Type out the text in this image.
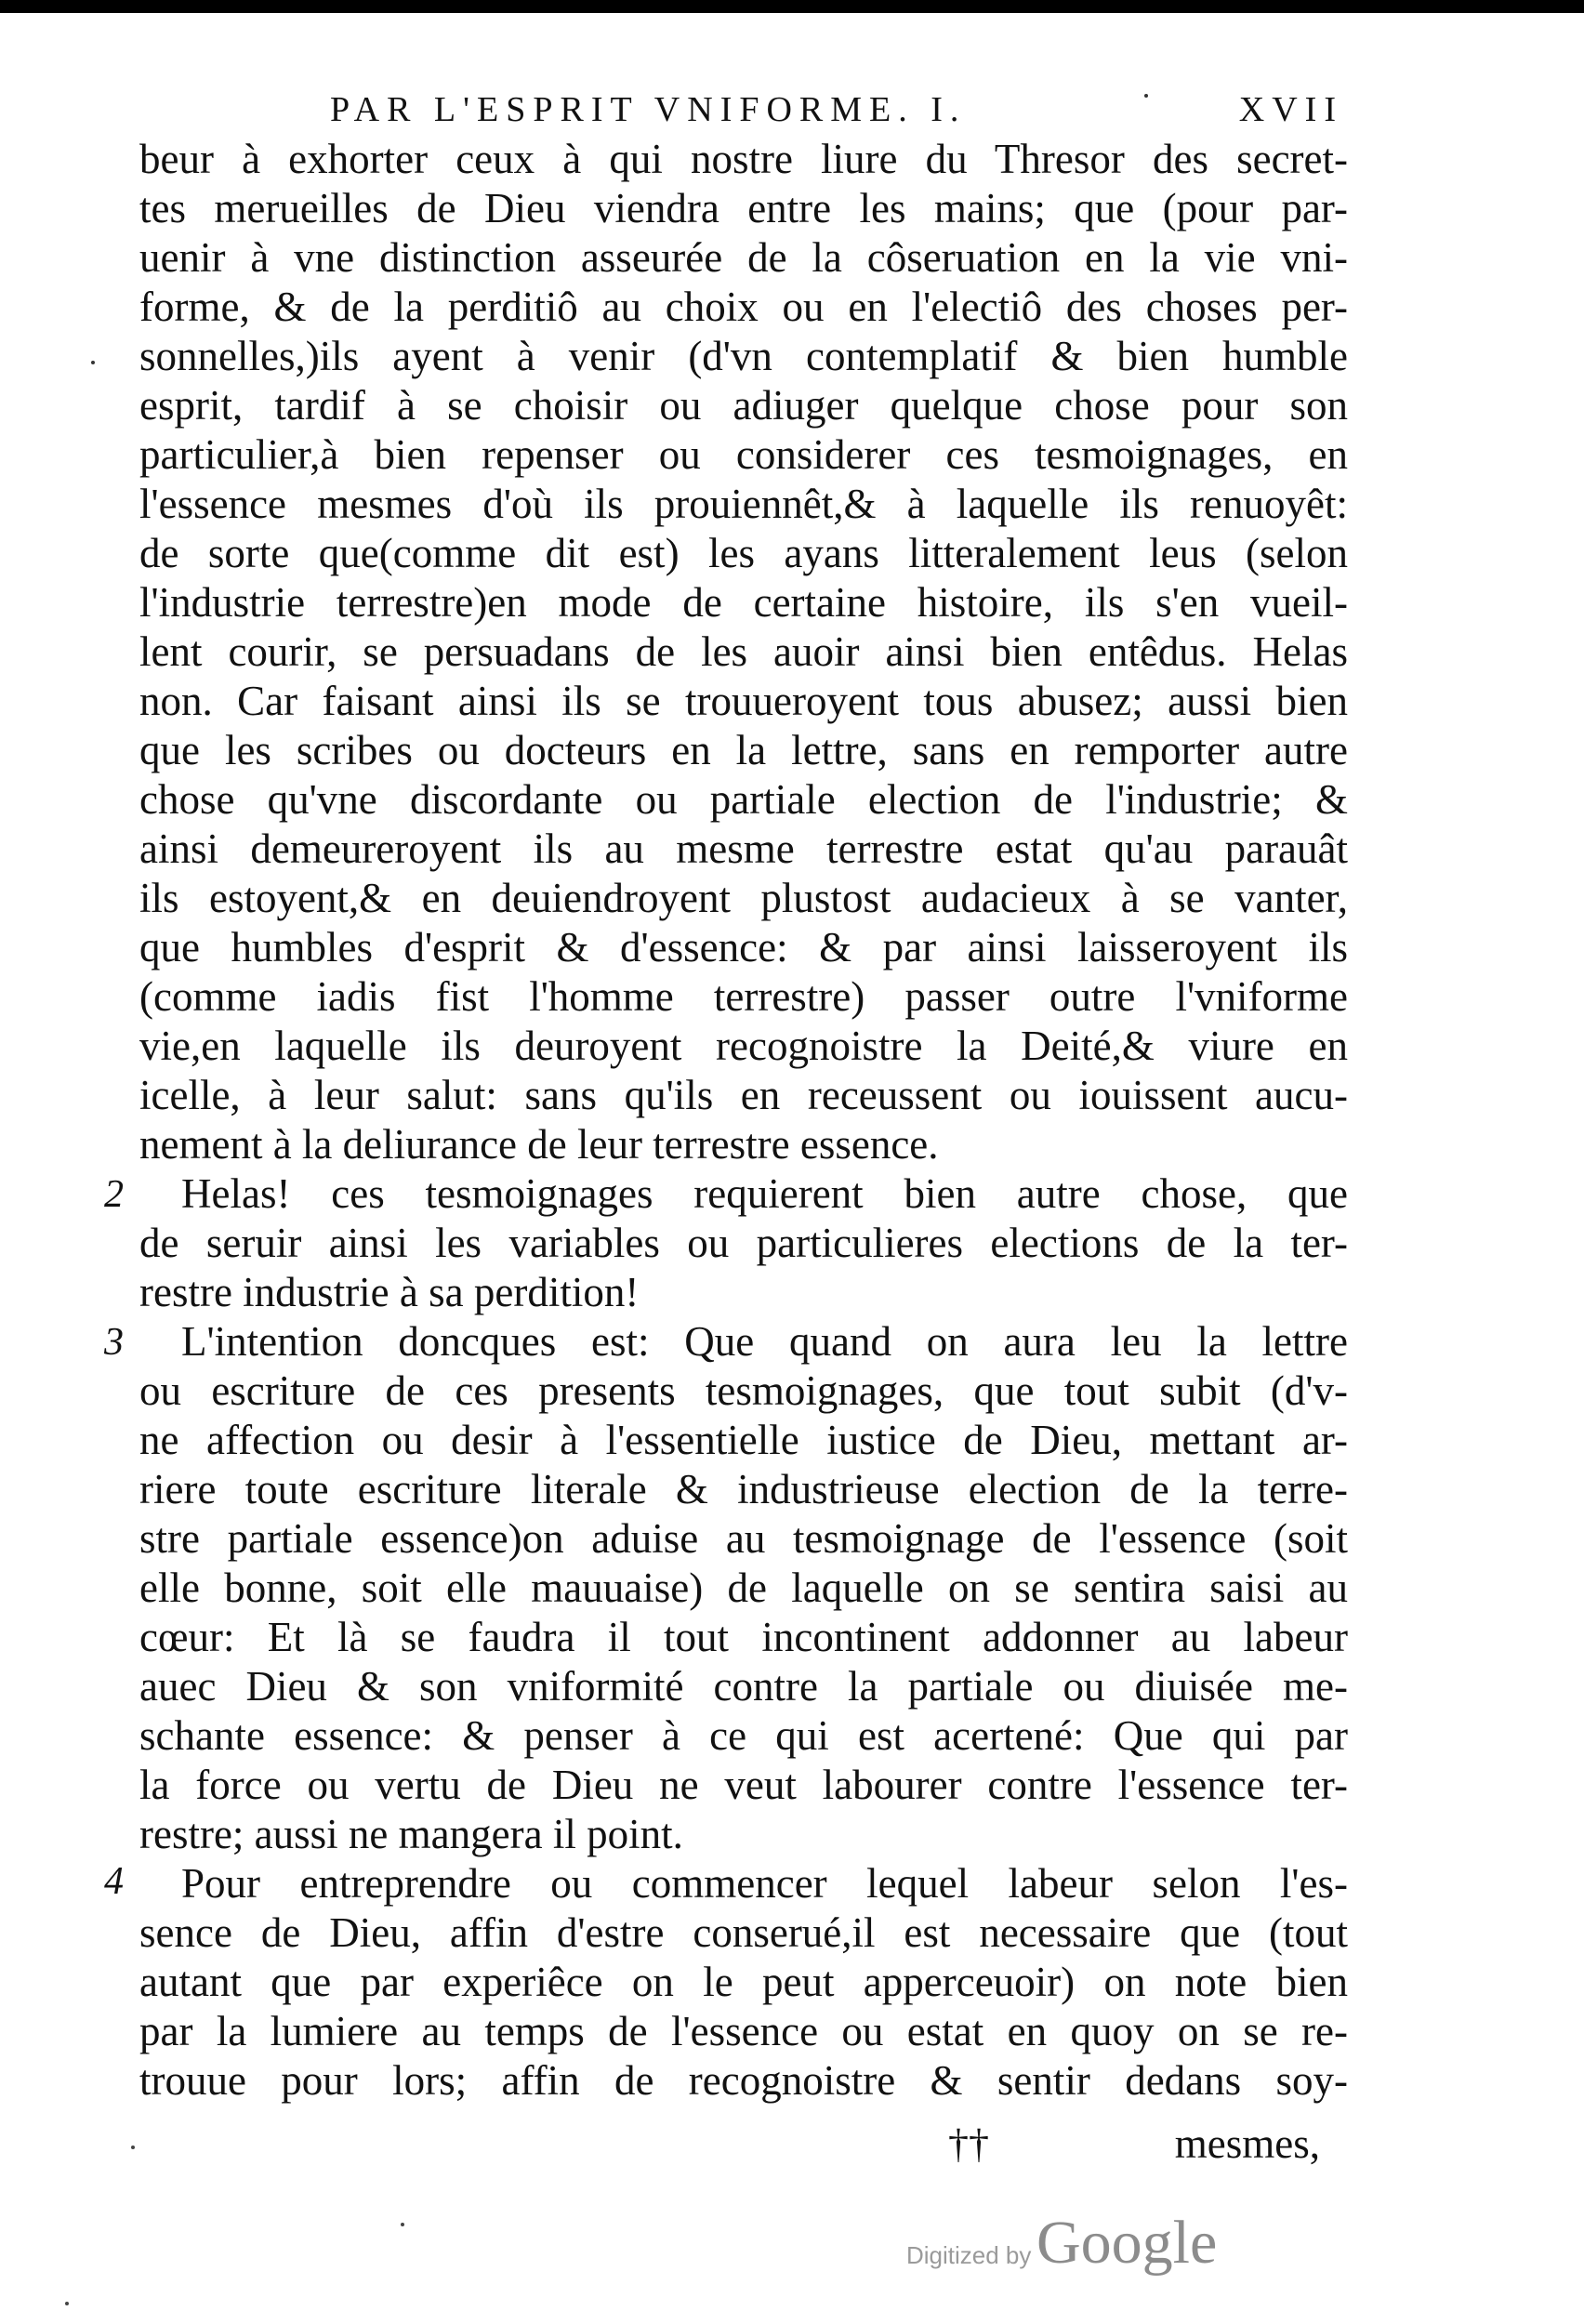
PAR L'ESPRIT VNIFORME. I.	XVII
beur à exhorter ceux à qui nostre liure du Thresor des secret-
tes merueilles de Dieu viendra entre les mains; que (pour par-
uenir à vne distinction asseurée de la côseruation en la vie vni-
forme, & de la perditiô au choix ou en l'electiô des choses per-
sonnelles,)ils ayent à venir (d'vn contemplatif & bien humble
esprit, tardif à se choisir ou adiuger quelque chose pour son
particulier,à bien repenser ou considerer ces tesmoignages, en
l'essence mesmes d'où ils prouiennêt,& à laquelle ils renuoyêt:
de sorte que(comme dit est) les ayans litteralement leus (selon
l'industrie terrestre)en mode de certaine histoire, ils s'en vueil-
lent courir, se persuadans de les auoir ainsi bien entêdus. Helas
non. Car faisant ainsi ils se trouueroyent tous abusez; aussi bien
que les scribes ou docteurs en la lettre, sans en remporter autre
chose qu'vne discordante ou partiale election de l'industrie; &
ainsi demeureroyent ils au mesme terrestre estat qu'au parauât
ils estoyent,& en deuiendroyent plustost audacieux à se vanter,
que humbles d'esprit & d'essence: & par ainsi laisseroyent ils
(comme iadis fist l'homme terrestre) passer outre l'vniforme
vie,en laquelle ils deuroyent recognoistre la Deité,& viure en
icelle, à leur salut: sans qu'ils en receussent ou iouissent aucu-
nement à la deliurance de leur terrestre essence.
Helas! ces tesmoignages requierent bien autre chose, que
de seruir ainsi les variables ou particulieres elections de la ter-
restre industrie à sa perdition!
L'intention doncques est: Que quand on aura leu la lettre
ou escriture de ces presents tesmoignages, que tout subit (d'v-
ne affection ou desir à l'essentielle iustice de Dieu, mettant ar-
riere toute escriture literale & industrieuse election de la terre-
stre partiale essence)on aduise au tesmoignage de l'essence (soit
elle bonne, soit elle mauuaise) de laquelle on se sentira saisi au
cœur: Et là se faudra il tout incontinent addonner au labeur
auec Dieu & son vniformité contre la partiale ou diuisée me-
schante essence: & penser à ce qui est acertené: Que qui par
la force ou vertu de Dieu ne veut labourer contre l'essence ter-
restre; aussi ne mangera il point.
Pour entreprendre ou commencer lequel labeur selon l'es-
sence de Dieu, affin d'estre conserué,il est necessaire que (tout
autant que par experiêce on le peut apperceuoir) on note bien
par la lumiere au temps de l'essence ou estat en quoy on se re-
trouue pour lors; affin de recognoistre & sentir dedans soy-
2
3
4
††	mesmes,
Digitized by Google
